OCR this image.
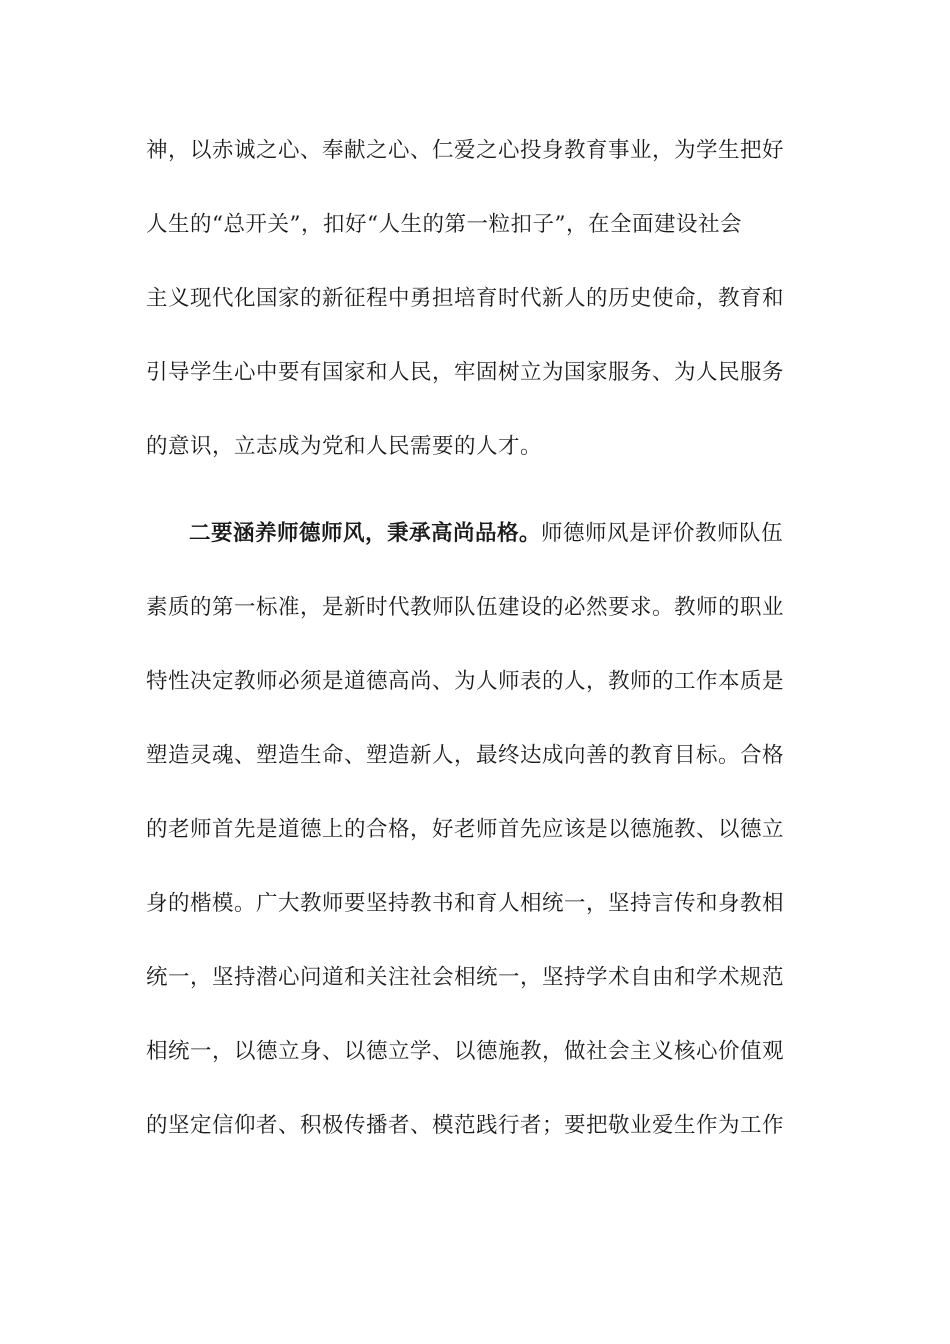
神，以赤诚之心、奉献之心、仁爱之心投身教育事业，为学生把好
人生的“总开关”，扣好“人生的第一粒扣子”，在全面建设社会
主义现代化国家的新征程中勇担培育时代新人的历史使命，教育和
引导学生心中要有国家和人民，牢固树立为国家服务、为人民服务
的意识，立志成为党和人民需要的人才。
二要涵养师德师风，秉承高尚品格。师德师风是评价教师队伍
素质的第一标准，是新时代教师队伍建设的必然要求。教师的职业
特性决定教师必须是道德高尚、为人师表的人，教师的工作本质是
塑造灵魂、塑造生命、塑造新人，最终达成向善的教育目标。合格
的老师首先是道德上的合格，好老师首先应该是以德施教、以德立
身的楷模。广大教师要坚持教书和育人相统一，坚持言传和身教相
统一，坚持潜心问道和关注社会相统一，坚持学术自由和学术规范
相统一，以德立身、以德立学、以德施教，做社会主义核心价值观
的坚定信仰者、积极传播者、模范践行者；要把敬业爱生作为工作
